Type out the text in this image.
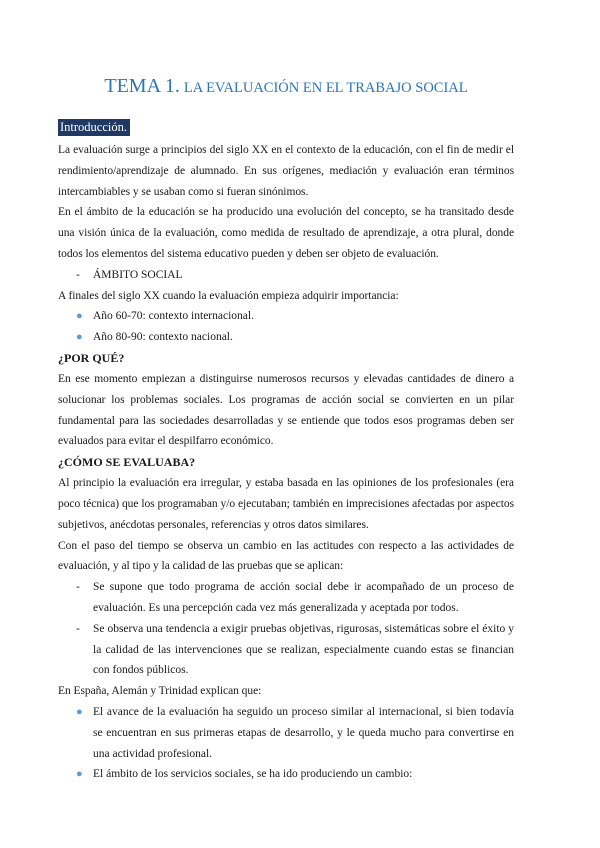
TEMA 1. LA EVALUACIÓN EN EL TRABAJO SOCIAL
Introducción.

La evaluación surge a principios del siglo XX en el contexto de la educación, con el fin de medir el rendimiento/aprendizaje de alumnado. En sus orígenes, mediación y evaluación eran términos intercambiables y se usaban como si fueran sinónimos.

En el ámbito de la educación se ha producido una evolución del concepto, se ha transitado desde una visión única de la evaluación, como medida de resultado de aprendizaje, a otra plural, donde todos los elementos del sistema educativo pueden y deben ser objeto de evaluación.

- ÁMBITO SOCIAL

A finales del siglo XX cuando la evaluación empieza adquirir importancia:

● Año 60-70: contexto internacional.
● Año 80-90: contexto nacional.
¿POR QUÉ?

En ese momento empiezan a distinguirse numerosos recursos y elevadas cantidades de dinero a solucionar los problemas sociales. Los programas de acción social se convierten en un pilar fundamental para las sociedades desarrolladas y se entiende que todos esos programas deben ser evaluados para evitar el despilfarro económico.

¿CÓMO SE EVALUABA?

Al principio la evaluación era irregular, y estaba basada en las opiniones de los profesionales (era poco técnica) que los programaban y/o ejecutaban; también en imprecisiones afectadas por aspectos subjetivos, anécdotas personales, referencias y otros datos similares.

Con el paso del tiempo se observa un cambio en las actitudes con respecto a las actividades de evaluación, y al tipo y la calidad de las pruebas que se aplican:

- Se supone que todo programa de acción social debe ir acompañado de un proceso de evaluación. Es una percepción cada vez más generalizada y aceptada por todos.
- Se observa una tendencia a exigir pruebas objetivas, rigurosas, sistemáticas sobre el éxito y la calidad de las intervenciones que se realizan, especialmente cuando estas se financian con fondos públicos.

En España, Alemán y Trinidad explican que:

● El avance de la evaluación ha seguido un proceso similar al internacional, si bien todavía se encuentran en sus primeras etapas de desarrollo, y le queda mucho para convertirse en una actividad profesional.
● El ámbito de los servicios sociales, se ha ido produciendo un cambio:
